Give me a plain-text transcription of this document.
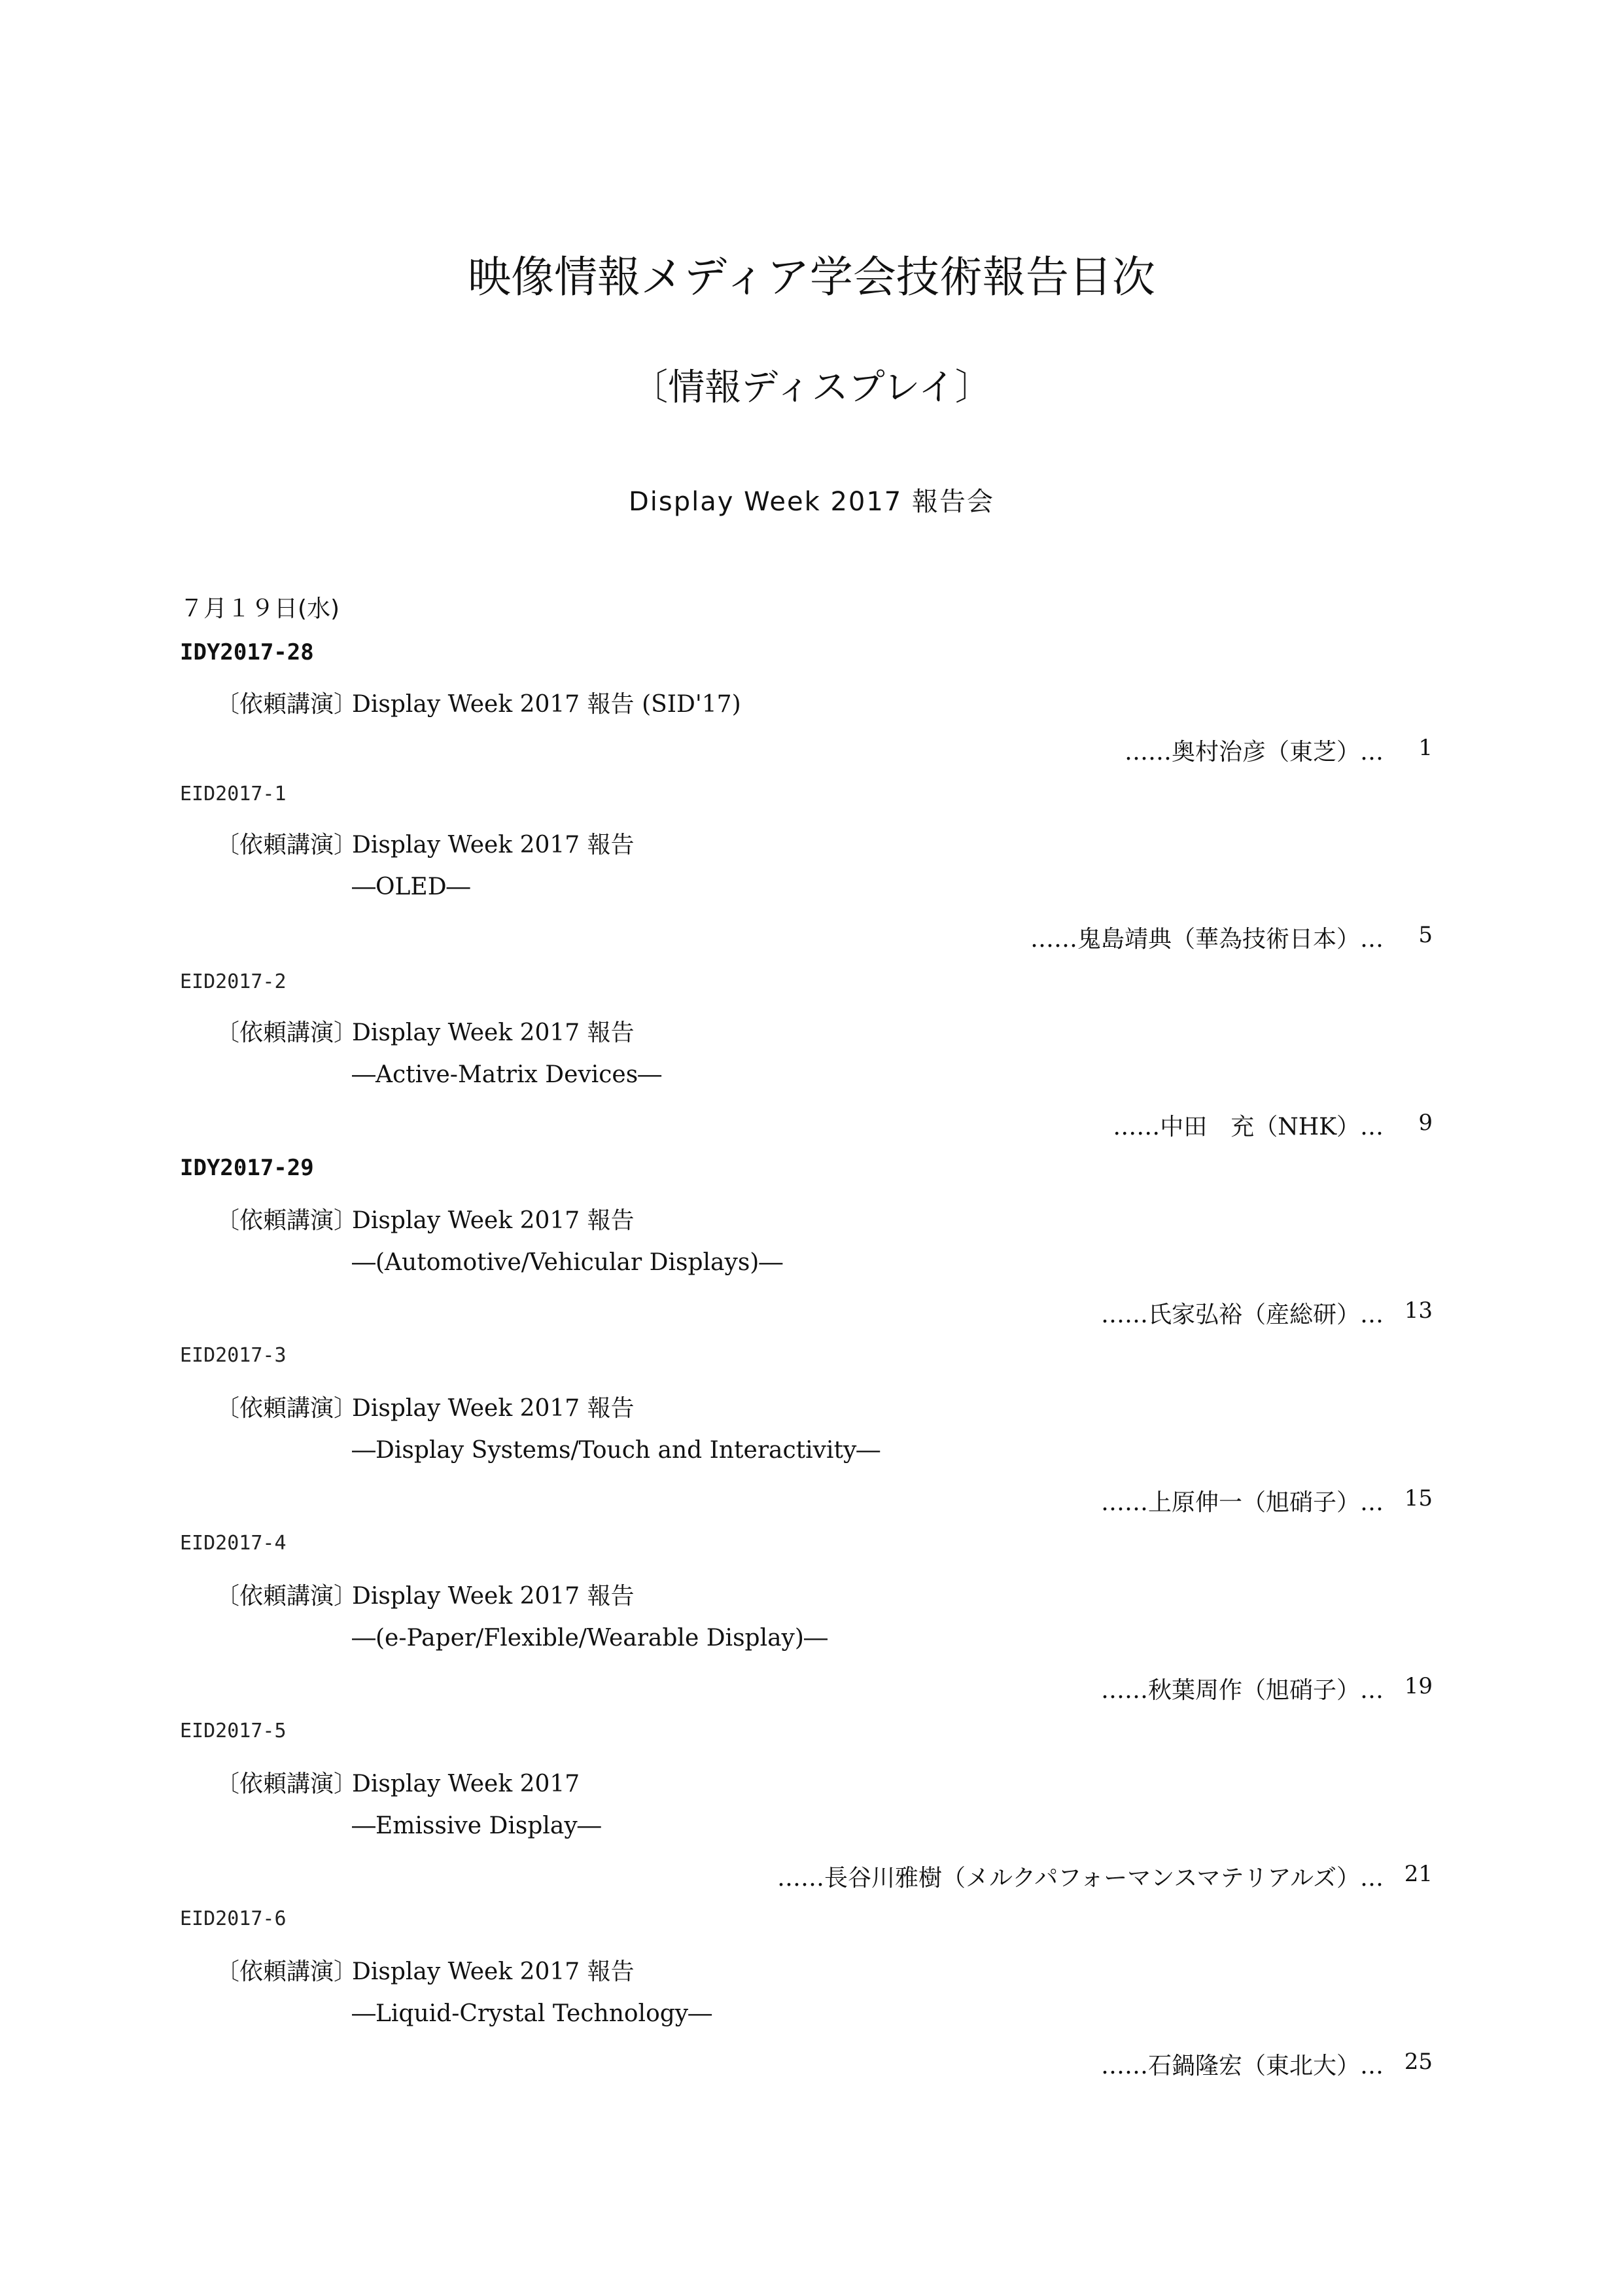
映像情報メディア学会技術報告目次
〔情報ディスプレイ〕
Display Week 2017 報告会
７月１９日(水)
IDY2017-28
〔依頼講演〕Display Week 2017 報告 (SID'17)
……奥村治彦（東芝）…	1
EID2017-1
〔依頼講演〕Display Week 2017 報告
―OLED―
……鬼島靖典（華為技術日本）…	5
EID2017-2
〔依頼講演〕Display Week 2017 報告
―Active-Matrix Devices―
……中田　充（NHK）…	9
IDY2017-29
〔依頼講演〕Display Week 2017 報告
―(Automotive/Vehicular Displays)―
……氏家弘裕（産総研）… 13
EID2017-3
〔依頼講演〕Display Week 2017 報告
―Display Systems/Touch and Interactivity―
……上原伸一（旭硝子）… 15
EID2017-4
〔依頼講演〕Display Week 2017 報告
―(e-Paper/Flexible/Wearable Display)―
……秋葉周作（旭硝子）… 19
EID2017-5
〔依頼講演〕Display Week 2017
―Emissive Display―
……長谷川雅樹（メルクパフォーマンスマテリアルズ）… 21
EID2017-6
〔依頼講演〕Display Week 2017 報告
―Liquid-Crystal Technology―
……石鍋隆宏（東北大）… 25
